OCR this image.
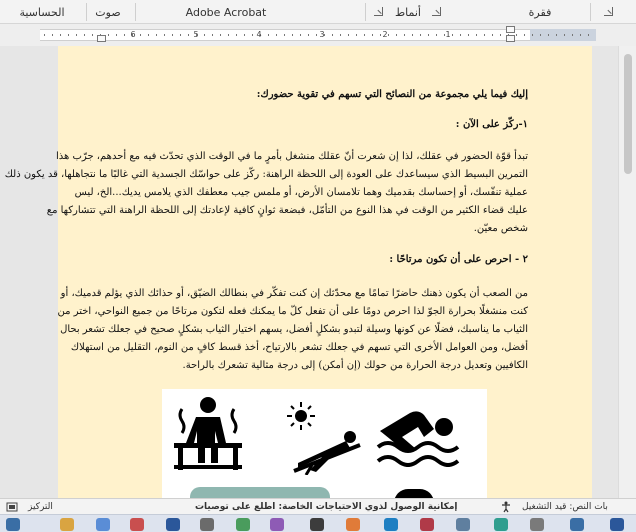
الحساسية	صوت	Adobe Acrobat	أنماط	فقرة
1
2
3
4
5
6
إليك فيما يلي مجموعة من النصائح التي تسهم في تقوية حضورك:
١-ركّز على الآن :
تبدأ قوّة الحضور في عقلك، لذا إن شعرت أنّ عقلك منشغل بأمرٍ ما في الوقت الذي تحدّث فيه مع أحدهم، جرّب هذا
التمرين البسيط الذي سيساعدك على العودة إلى اللحظة الراهنة: ركّز على حواسّك الجسدية التي غالبًا ما نتجاهلها، قد يكون ذلك
عملية تنفّسك، أو إحساسك بقدميك وهما تلامسان الأرض، أو ملمس جيب معطفك الذي يلامس يديك...الخ، ليس
عليك قضاء الكثير من الوقت في هذا النوع من التأمّل، فبضعة ثوانٍ كافية لإعادتك إلى اللحظة الراهنة التي تتشاركها مع
شخص معيّن.
٢ - احرص على أن تكون مرتاحًا :
من الصعب أن يكون ذهنك حاضرًا تمامًا مع محدّثك إن كنت تفكّر في بنطالك الضيّق، أو حذائك الذي يؤلم قدميك، أو
كنت منشغلًا بحرارة الجوّ لذا احرص دومًا على أن تفعل كلّ ما يمكنك فعله لتكون مرتاحًا من جميع النواحي، اختر من
الثياب ما يناسبك، فضلًا عن كونها وسيلة لتبدو بشكلٍ أفضل، يسهم اختيار الثياب بشكلٍ صحيح في جعلك تشعر بحال
أفضل، ومن العوامل الأخرى التي تسهم في جعلك تشعر بالارتياح، أخذ قسط كافٍ من النوم، التقليل من استهلاك
الكافيين وتعديل درجة الحرارة من حولك (إن أمكن) إلى درجة مثالية تشعرك بالراحة.
التركيز	إمكانية الوصول لذوي الاحتياجات الخاصة: اطلع على توصيات	بات النص: قيد التشغيل
